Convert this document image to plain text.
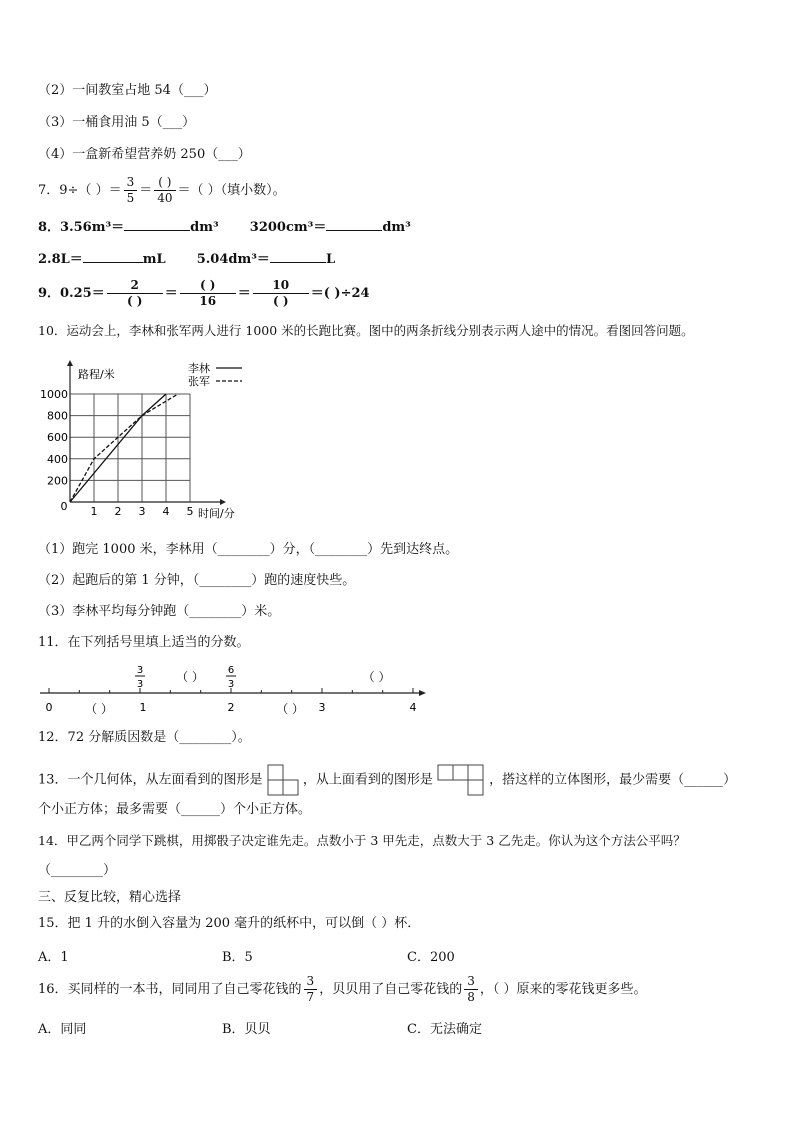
（2）一间教室占地 54（___）
（3）一桶食用油 5（___）
（4）一盒新希望营养奶 250（___）
7．9÷（ ）＝ $\frac{3}{5} = \frac{( )}{40}$ ＝（ ）（填小数）。
8．3.56m³＝	dm³ 3200cm³＝	dm³
2.8L＝	mL 5.04dm³＝	L
9．$0.25= \frac{2}{( )} = \frac{( )}{16} = \frac{10}{( )}$ ＝( )÷24
10．运动会上，李林和张军两人进行 1000 米的长跑比赛。图中的两条折线分别表示两人途中的情况。看图回答问题。
0 1 2 3 4 5
200
400
600
800
1000
路程/米
时间/分
李林
张军
（1）跑完 1000 米，李林用（________）分，（________）先到达终点。
（2）起跑后的第 1 分钟，（________）跑的速度快些。
（3）李林平均每分钟跑（________）米。
11．在下列括号里填上适当的分数。
0	1	2	3	4
3
3
（ ） 6
3
（ ）
（ ）	（ ）
12．72 分解质因数是（________）。
13．一个几何体，从左面看到的图形是	，从上面看到的图形是	，搭这样的立体图形，最少需要（______）
个小正方体；最多需要（______）个小正方体。
14．甲乙两个同学下跳棋，用掷骰子决定谁先走。点数小于 3 甲先走，点数大于 3 乙先走。你认为这个方法公平吗？
（________）
三、反复比较，精心选择
15．把 1 升的水倒入容量为 200 毫升的纸杯中，可以倒（ ）杯．
A．1	B．5	C．200
16．买同样的一本书，同同用了自己零花钱的 $\frac{3}{7}$ ，贝贝用了自己零花钱的 $\frac{3}{8}$ ，（ ）原来的零花钱更多些。
A．同同	B．贝贝	C．无法确定
